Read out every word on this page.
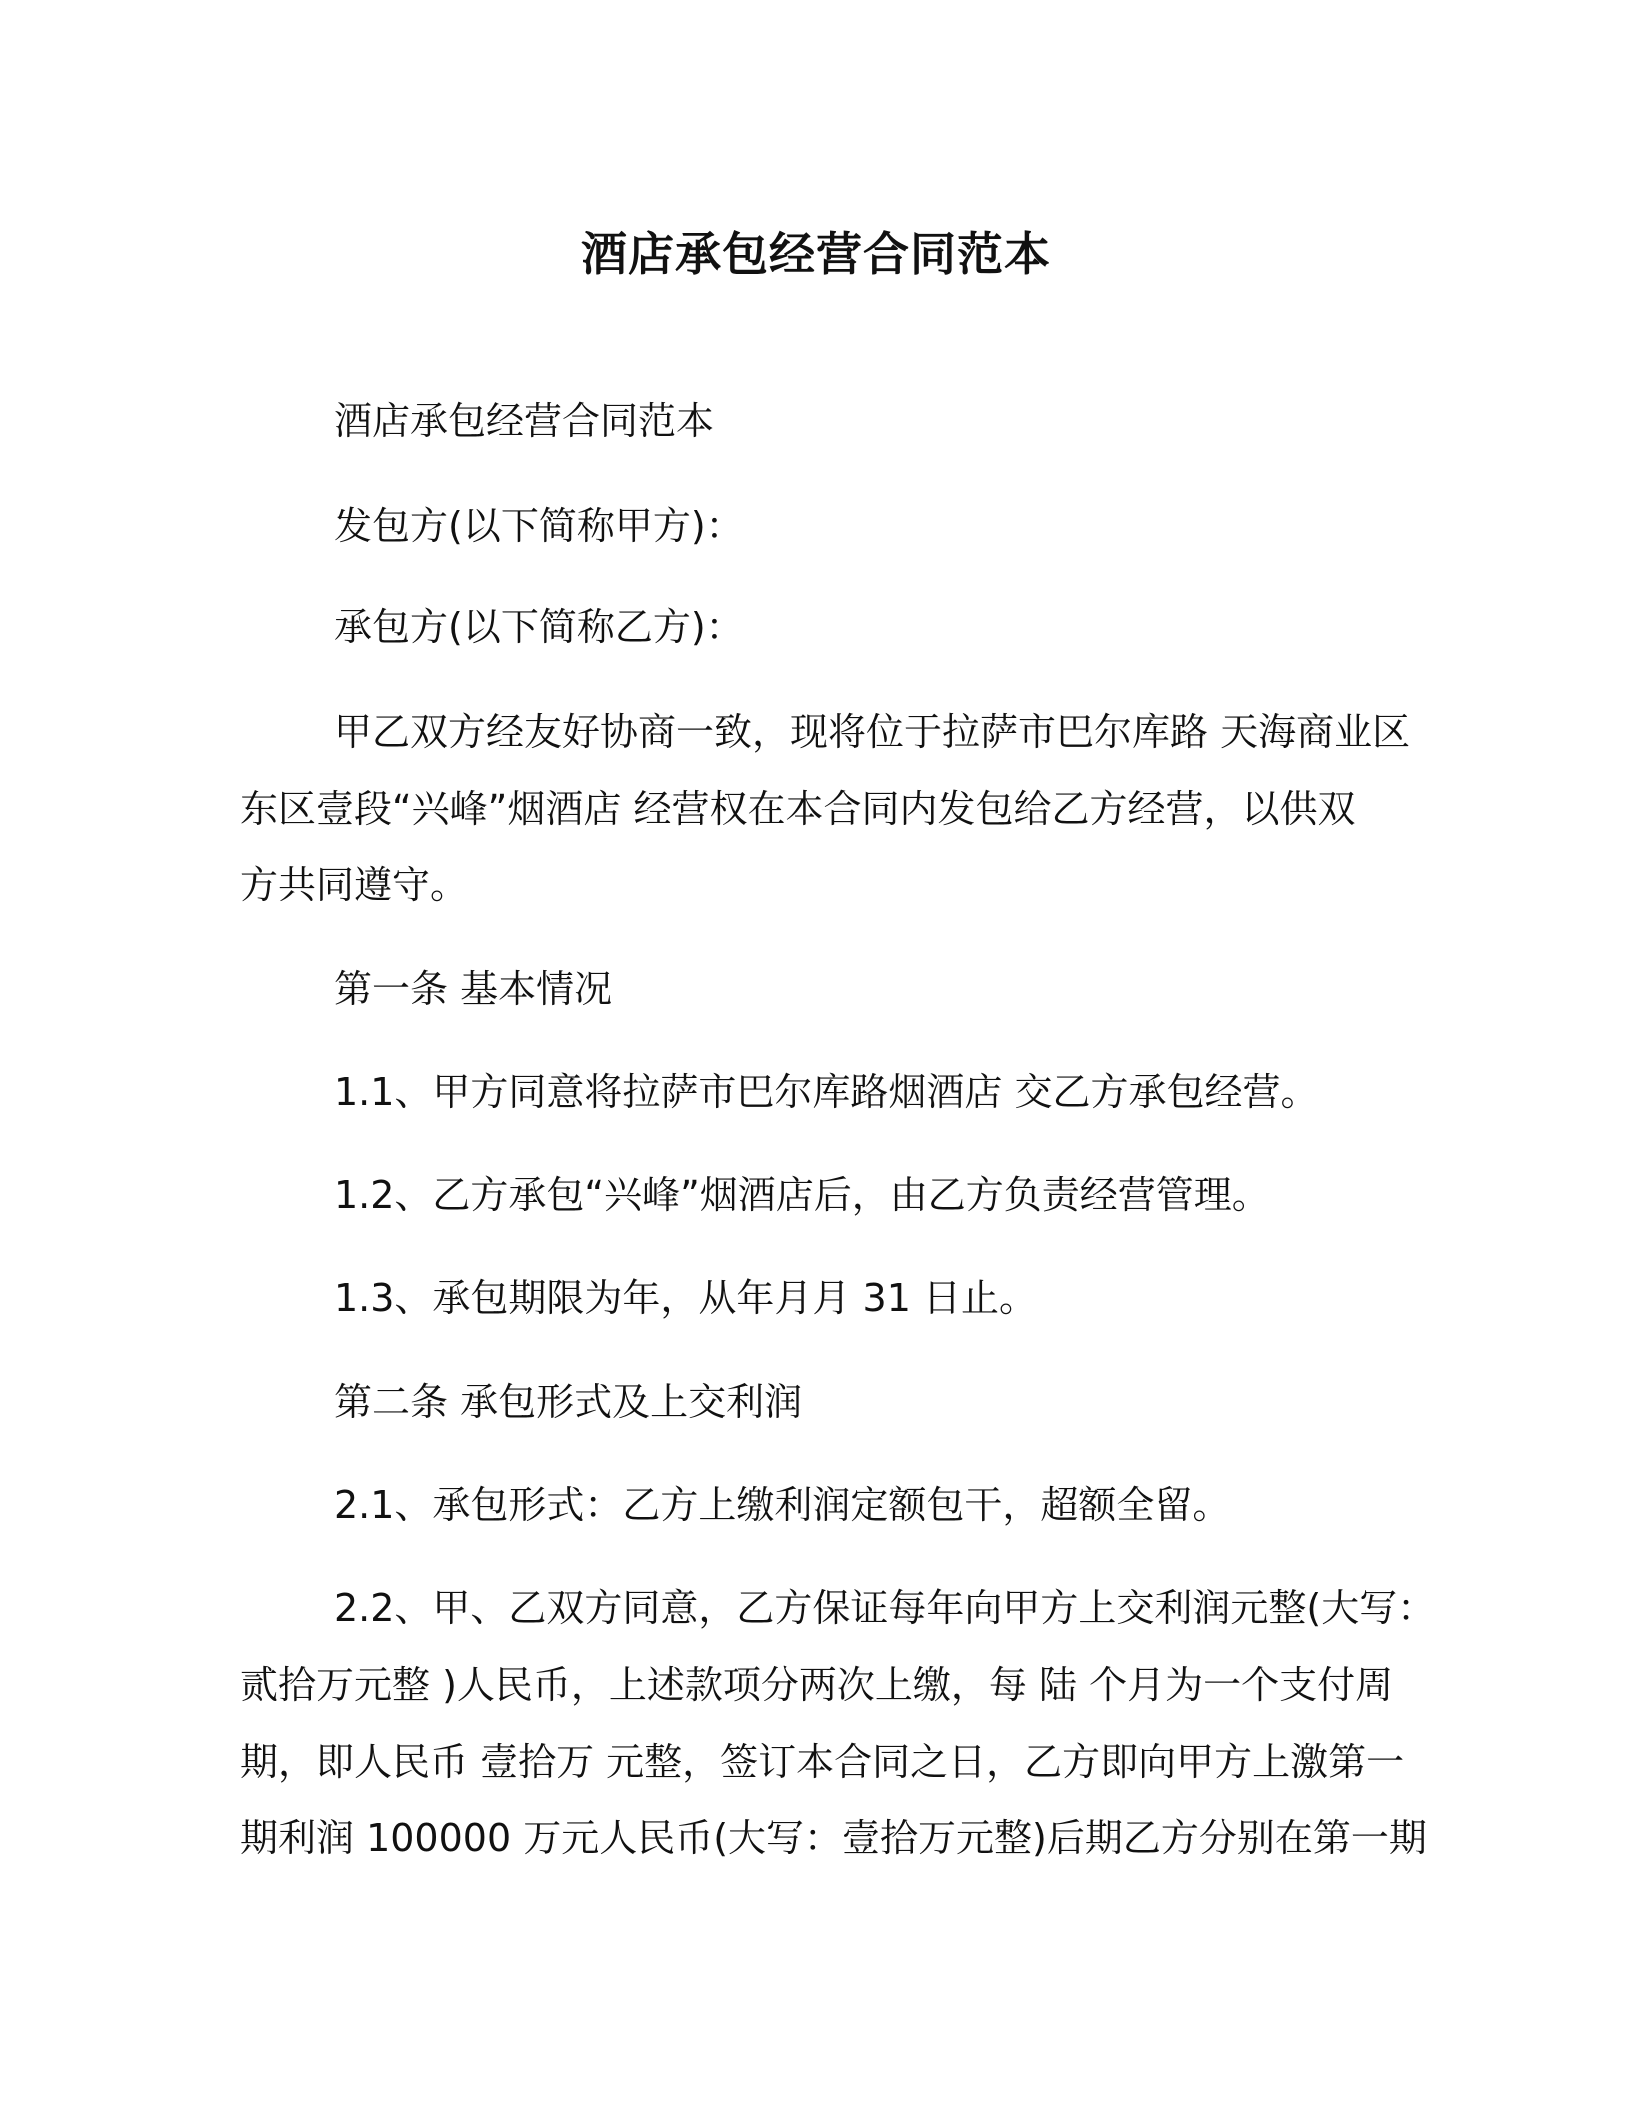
酒店承包经营合同范本

酒店承包经营合同范本

发包方(以下简称甲方)：

承包方(以下简称乙方)：

甲乙双方经友好协商一致，现将位于拉萨市巴尔库路 天海商业区

东区壹段“兴峰”烟酒店 经营权在本合同内发包给乙方经营，以供双

方共同遵守。

第一条 基本情况

1.1、甲方同意将拉萨市巴尔库路烟酒店 交乙方承包经营。

1.2、乙方承包“兴峰”烟酒店后，由乙方负责经营管理。

1.3、承包期限为年，从年月月 31 日止。

第二条 承包形式及上交利润

2.1、承包形式：乙方上缴利润定额包干，超额全留。

2.2、甲、乙双方同意，乙方保证每年向甲方上交利润元整(大写：

贰拾万元整 )人民币，上述款项分两次上缴，每 陆 个月为一个支付周

期，即人民币 壹拾万 元整，签订本合同之日，乙方即向甲方上激第一

期利润 100000 万元人民币(大写：壹拾万元整)后期乙方分别在第一期
